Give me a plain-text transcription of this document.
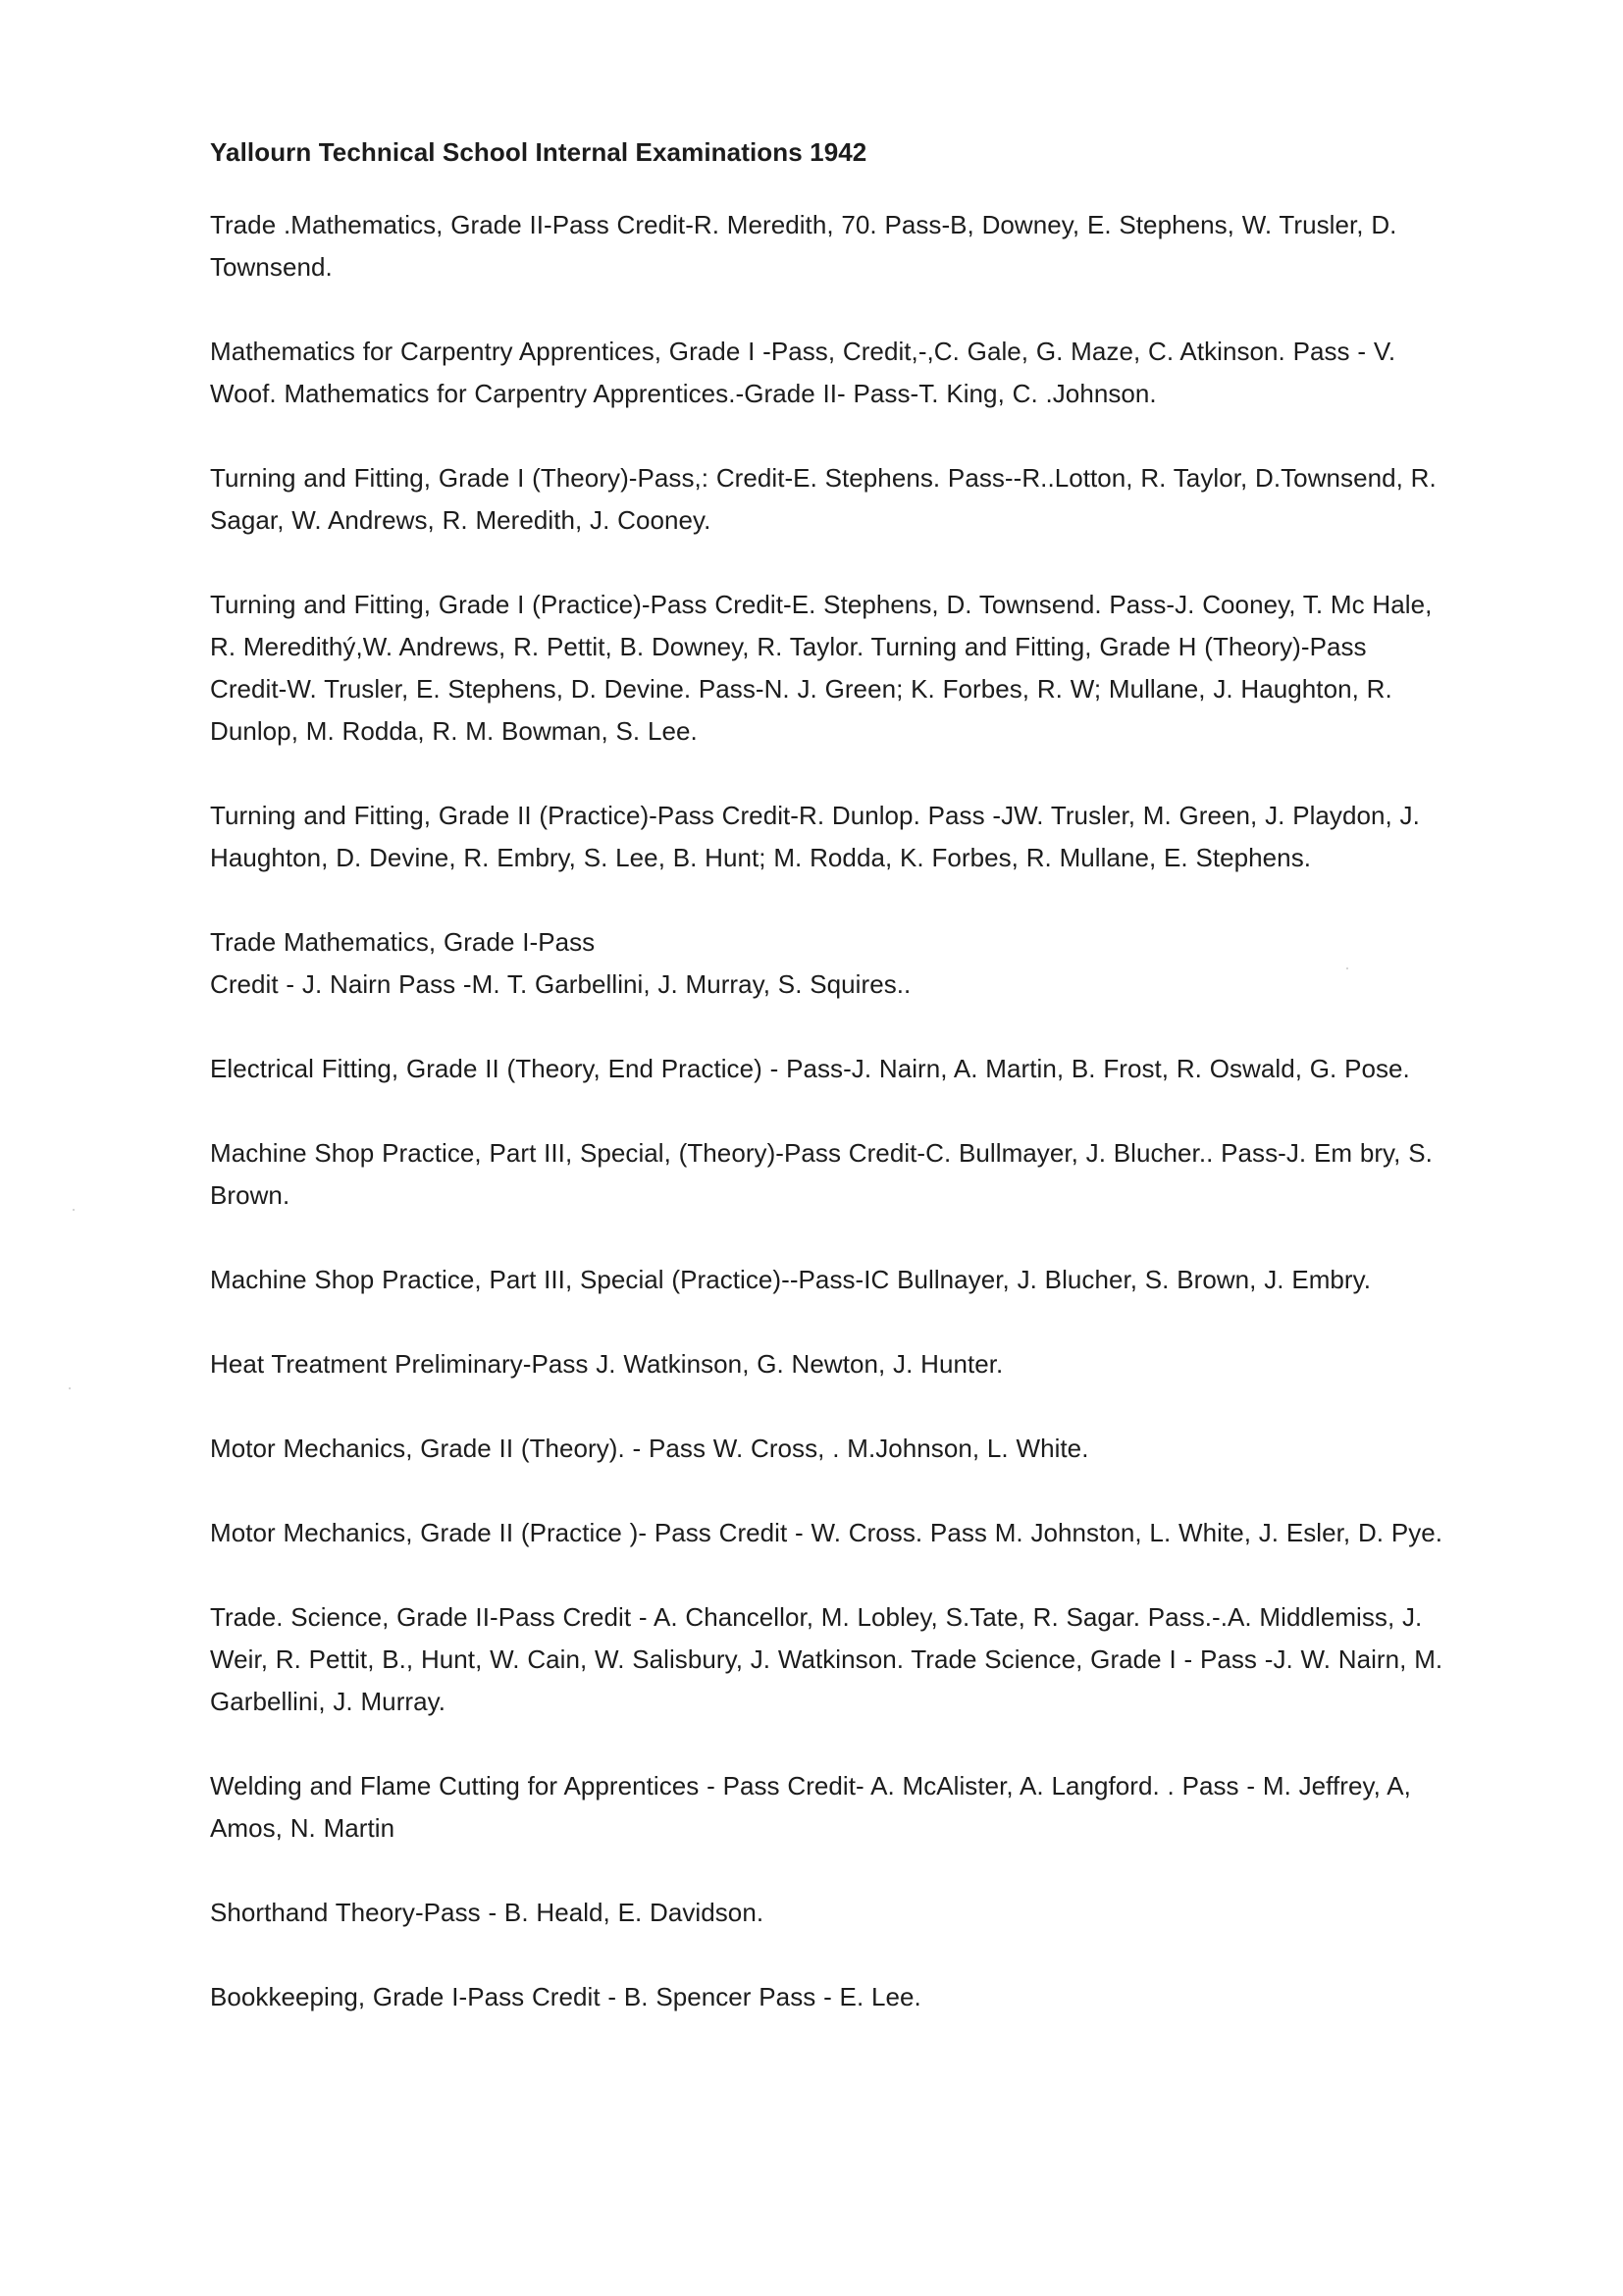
Yallourn Technical School Internal Examinations 1942
Trade .Mathematics, Grade II-Pass Credit-R. Meredith, 70. Pass-B, Downey, E. Stephens, W. Trusler, D. Townsend.
Mathematics for Carpentry Apprentices, Grade I -Pass, Credit,-,C. Gale, G. Maze, C. Atkinson. Pass - V. Woof. Mathematics for Carpentry Apprentices.-Grade II- Pass-T. King, C. .Johnson.
Turning and Fitting, Grade I (Theory)-Pass,: Credit-E. Stephens. Pass--R..Lotton, R. Taylor, D.Townsend, R. Sagar, W. Andrews, R. Meredith, J. Cooney.
Turning and Fitting, Grade I (Practice)-Pass Credit-E. Stephens, D. Townsend. Pass-J. Cooney, T. Mc Hale, R. Meredithý,W. Andrews, R. Pettit, B. Downey, R. Taylor. Turning and Fitting, Grade H (Theory)-Pass Credit-W. Trusler, E. Stephens, D. Devine. Pass-N. J. Green; K. Forbes, R. W; Mullane, J. Haughton, R. Dunlop, M. Rodda, R. M. Bowman, S. Lee.
Turning and Fitting, Grade II (Practice)-Pass Credit-R. Dunlop. Pass -JW. Trusler, M. Green, J. Playdon, J. Haughton, D. Devine, R. Embry, S. Lee, B. Hunt; M. Rodda, K. Forbes, R. Mullane, E. Stephens.
Trade Mathematics, Grade I-Pass
Credit - J. Nairn Pass -M. T. Garbellini, J. Murray, S. Squires..
Electrical Fitting, Grade II (Theory, End Practice) - Pass-J. Nairn, A. Martin, B. Frost, R. Oswald, G. Pose.
Machine Shop Practice, Part III, Special, (Theory)-Pass Credit-C. Bullmayer, J. Blucher.. Pass-J. Em bry, S. Brown.
Machine Shop Practice, Part III, Special (Practice)--Pass-IC Bullnayer, J. Blucher, S. Brown, J. Embry.
Heat Treatment Preliminary-Pass J. Watkinson, G. Newton, J. Hunter.
Motor Mechanics, Grade II (Theory). - Pass W. Cross, . M.Johnson, L. White.
Motor Mechanics, Grade II (Practice )- Pass Credit - W. Cross. Pass M. Johnston, L. White, J. Esler, D. Pye.
Trade. Science, Grade II-Pass Credit - A. Chancellor, M. Lobley, S.Tate, R. Sagar. Pass.-.A. Middlemiss, J. Weir, R. Pettit, B., Hunt, W. Cain, W. Salisbury, J. Watkinson. Trade Science, Grade I - Pass -J. W. Nairn, M. Garbellini, J. Murray.
Welding and Flame Cutting for Apprentices - Pass Credit- A. McAlister, A. Langford. . Pass - M. Jeffrey, A, Amos, N. Martin
Shorthand Theory-Pass - B. Heald, E. Davidson.
Bookkeeping, Grade I-Pass Credit - B. Spencer Pass - E. Lee.
